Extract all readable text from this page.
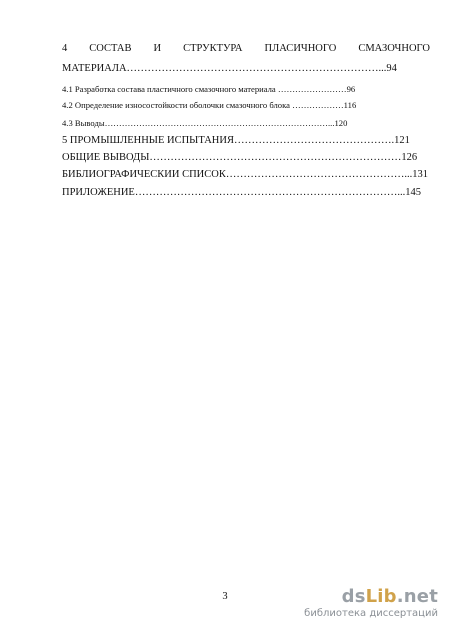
4 СОСТАВ И СТРУКТУРА ПЛАСИЧНОГО СМАЗОЧНОГО
МАТЕРИАЛА………………………………………………………………...94
4.1 Разработка состава пластичного смазочного материала ……………………96
4.2 Определение износостойкости оболочки смазочного блока ………………116
4.3 Выводы……………………………………………………………………...120
5 ПРОМЫШЛЕННЫЕ ИСПЫТАНИЯ……………………………………….121
ОБЩИЕ ВЫВОДЫ………………………………………………………………126
БИБЛИОГРАФИЧЕСКИЙ СПИСОК……………………………………………...131
ПРИЛОЖЕНИЕ…………………………………………………………………...145
3	dsLib.net
библиотека диссертаций
